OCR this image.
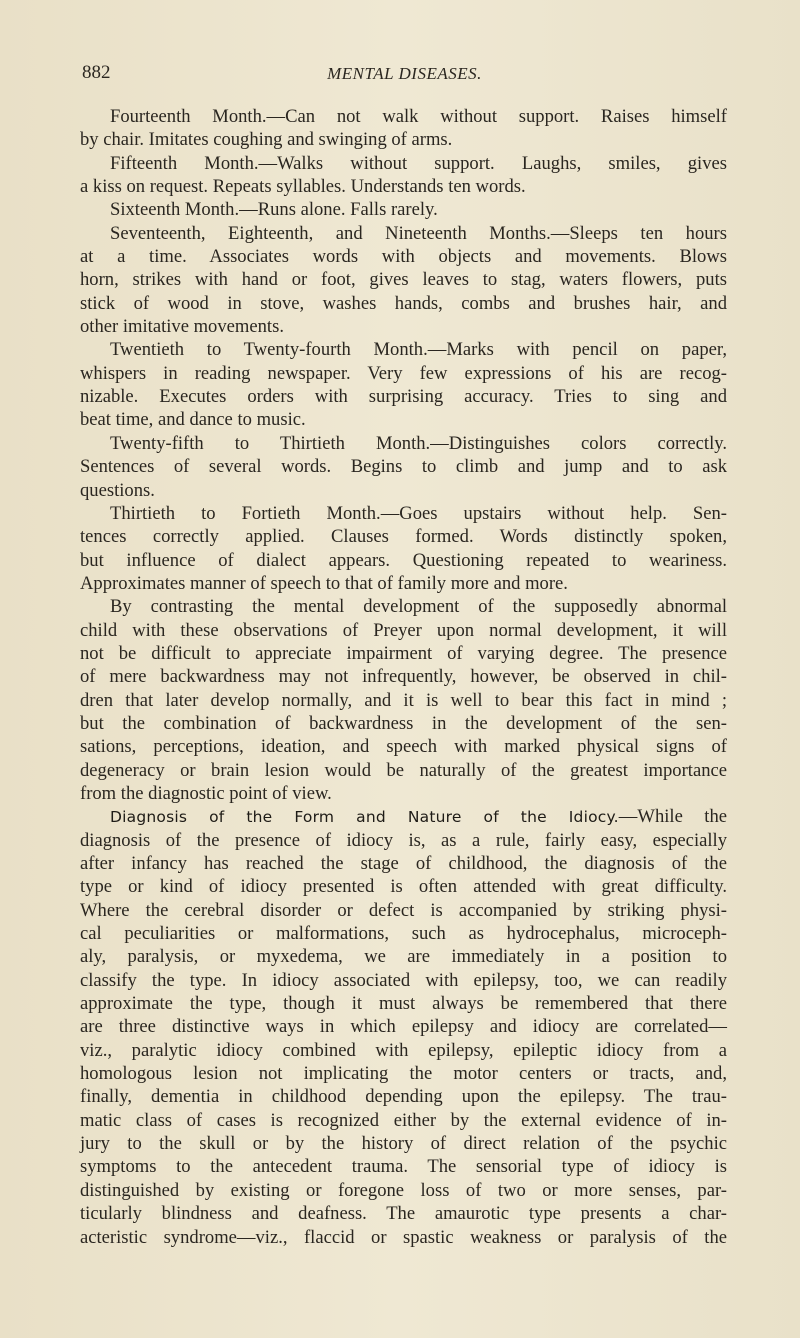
882	MENTAL DISEASES.
Fourteenth Month.—Can not walk without support. Raises himself
by chair. Imitates coughing and swinging of arms.
Fifteenth Month.—Walks without support. Laughs, smiles, gives
a kiss on request. Repeats syllables. Understands ten words.
Sixteenth Month.—Runs alone. Falls rarely.
Seventeenth, Eighteenth, and Nineteenth Months.—Sleeps ten hours
at a time. Associates words with objects and movements. Blows
horn, strikes with hand or foot, gives leaves to stag, waters flowers, puts
stick of wood in stove, washes hands, combs and brushes hair, and
other imitative movements.
Twentieth to Twenty-fourth Month.—Marks with pencil on paper,
whispers in reading newspaper. Very few expressions of his are recog-
nizable. Executes orders with surprising accuracy. Tries to sing and
beat time, and dance to music.
Twenty-fifth to Thirtieth Month.—Distinguishes colors correctly.
Sentences of several words. Begins to climb and jump and to ask
questions.
Thirtieth to Fortieth Month.—Goes upstairs without help. Sen-
tences correctly applied. Clauses formed. Words distinctly spoken,
but influence of dialect appears. Questioning repeated to weariness.
Approximates manner of speech to that of family more and more.
By contrasting the mental development of the supposedly abnormal
child with these observations of Preyer upon normal development, it will
not be difficult to appreciate impairment of varying degree. The presence
of mere backwardness may not infrequently, however, be observed in chil-
dren that later develop normally, and it is well to bear this fact in mind ;
but the combination of backwardness in the development of the sen-
sations, perceptions, ideation, and speech with marked physical signs of
degeneracy or brain lesion would be naturally of the greatest importance
from the diagnostic point of view.
Diagnosis of the Form and Nature of the Idiocy.—While the
diagnosis of the presence of idiocy is, as a rule, fairly easy, especially
after infancy has reached the stage of childhood, the diagnosis of the
type or kind of idiocy presented is often attended with great difficulty.
Where the cerebral disorder or defect is accompanied by striking physi-
cal peculiarities or malformations, such as hydrocephalus, microceph-
aly, paralysis, or myxedema, we are immediately in a position to
classify the type. In idiocy associated with epilepsy, too, we can readily
approximate the type, though it must always be remembered that there
are three distinctive ways in which epilepsy and idiocy are correlated—
viz., paralytic idiocy combined with epilepsy, epileptic idiocy from a
homologous lesion not implicating the motor centers or tracts, and,
finally, dementia in childhood depending upon the epilepsy. The trau-
matic class of cases is recognized either by the external evidence of in-
jury to the skull or by the history of direct relation of the psychic
symptoms to the antecedent trauma. The sensorial type of idiocy is
distinguished by existing or foregone loss of two or more senses, par-
ticularly blindness and deafness. The amaurotic type presents a char-
acteristic syndrome—viz., flaccid or spastic weakness or paralysis of the
